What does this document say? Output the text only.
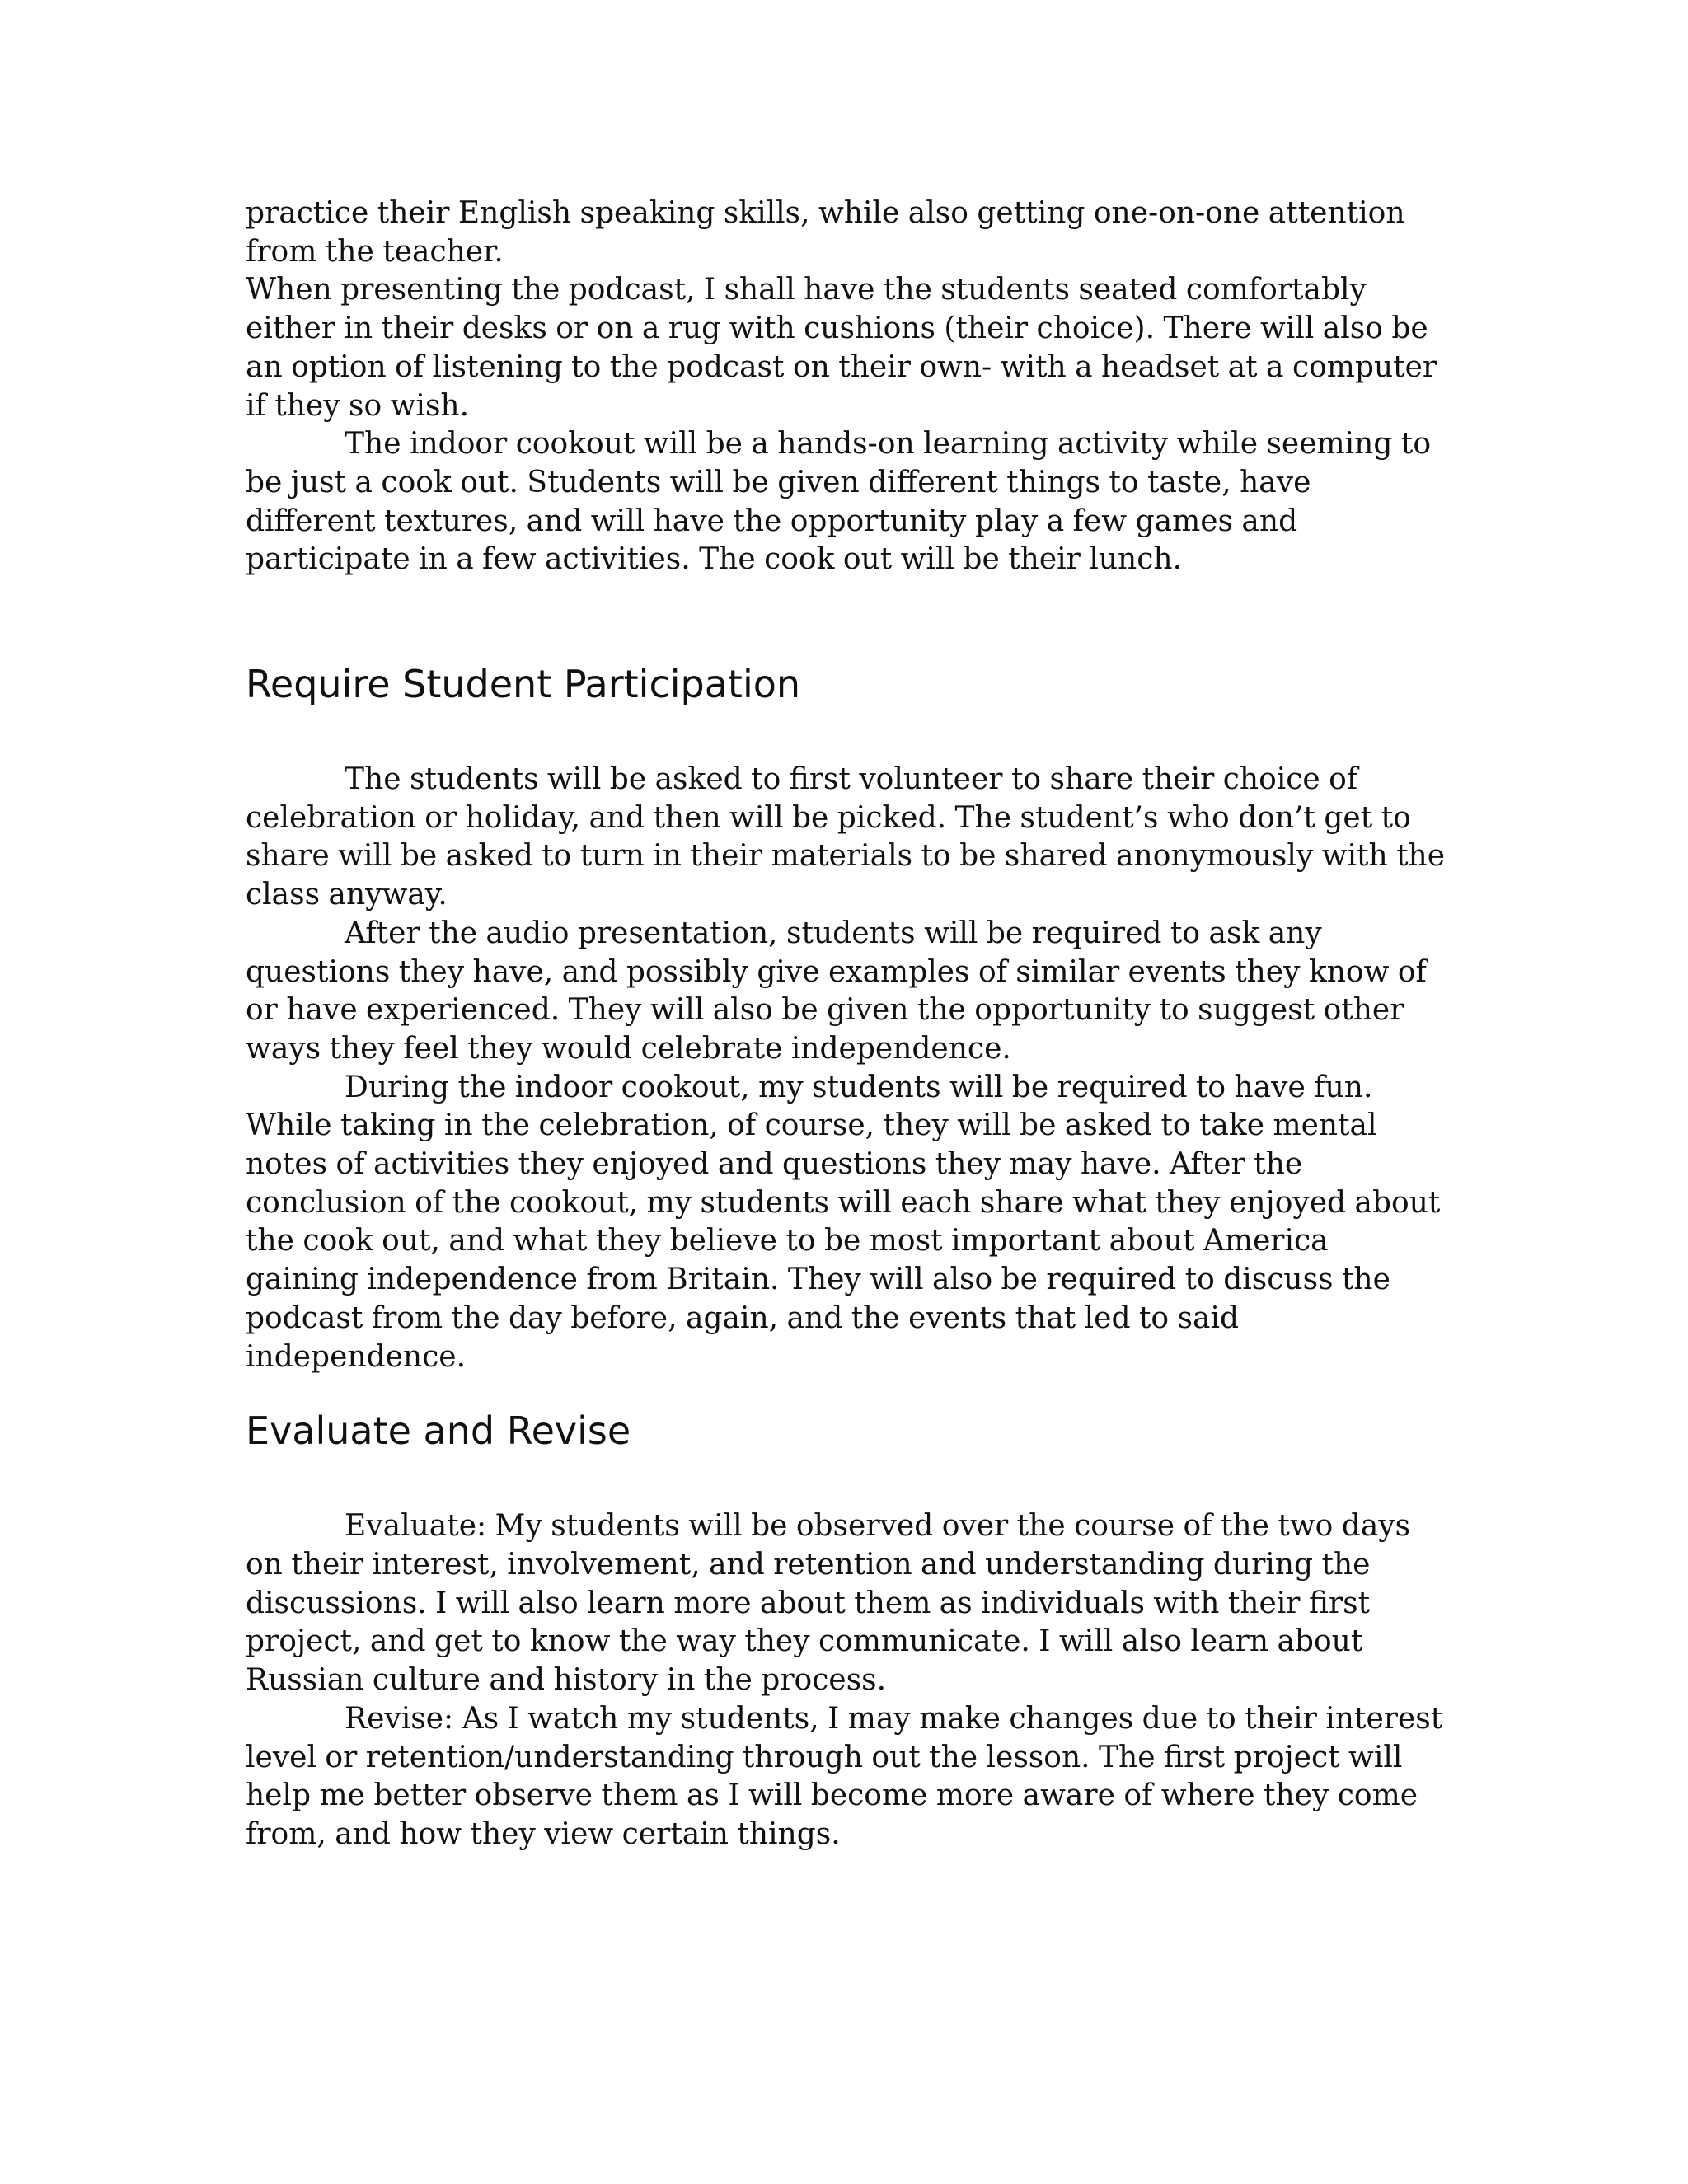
practice their English speaking skills, while also getting one-on-one attention from the teacher.

When presenting the podcast, I shall have the students seated comfortably either in their desks or on a rug with cushions (their choice). There will also be an option of listening to the podcast on their own- with a headset at a computer if they so wish.

The indoor cookout will be a hands-on learning activity while seeming to be just a cook out. Students will be given different things to taste, have different textures, and will have the opportunity play a few games and participate in a few activities. The cook out will be their lunch.

Require Student Participation

The students will be asked to first volunteer to share their choice of celebration or holiday, and then will be picked. The student’s who don’t get to share will be asked to turn in their materials to be shared anonymously with the class anyway.

After the audio presentation, students will be required to ask any questions they have, and possibly give examples of similar events they know of or have experienced. They will also be given the opportunity to suggest other ways they feel they would celebrate independence.

During the indoor cookout, my students will be required to have fun. While taking in the celebration, of course, they will be asked to take mental notes of activities they enjoyed and questions they may have. After the conclusion of the cookout, my students will each share what they enjoyed about the cook out, and what they believe to be most important about America gaining independence from Britain. They will also be required to discuss the podcast from the day before, again, and the events that led to said independence.

Evaluate and Revise

Evaluate: My students will be observed over the course of the two days on their interest, involvement, and retention and understanding during the discussions. I will also learn more about them as individuals with their first project, and get to know the way they communicate. I will also learn about Russian culture and history in the process.

Revise: As I watch my students, I may make changes due to their interest level or retention/understanding through out the lesson. The first project will help me better observe them as I will become more aware of where they come from, and how they view certain things.
